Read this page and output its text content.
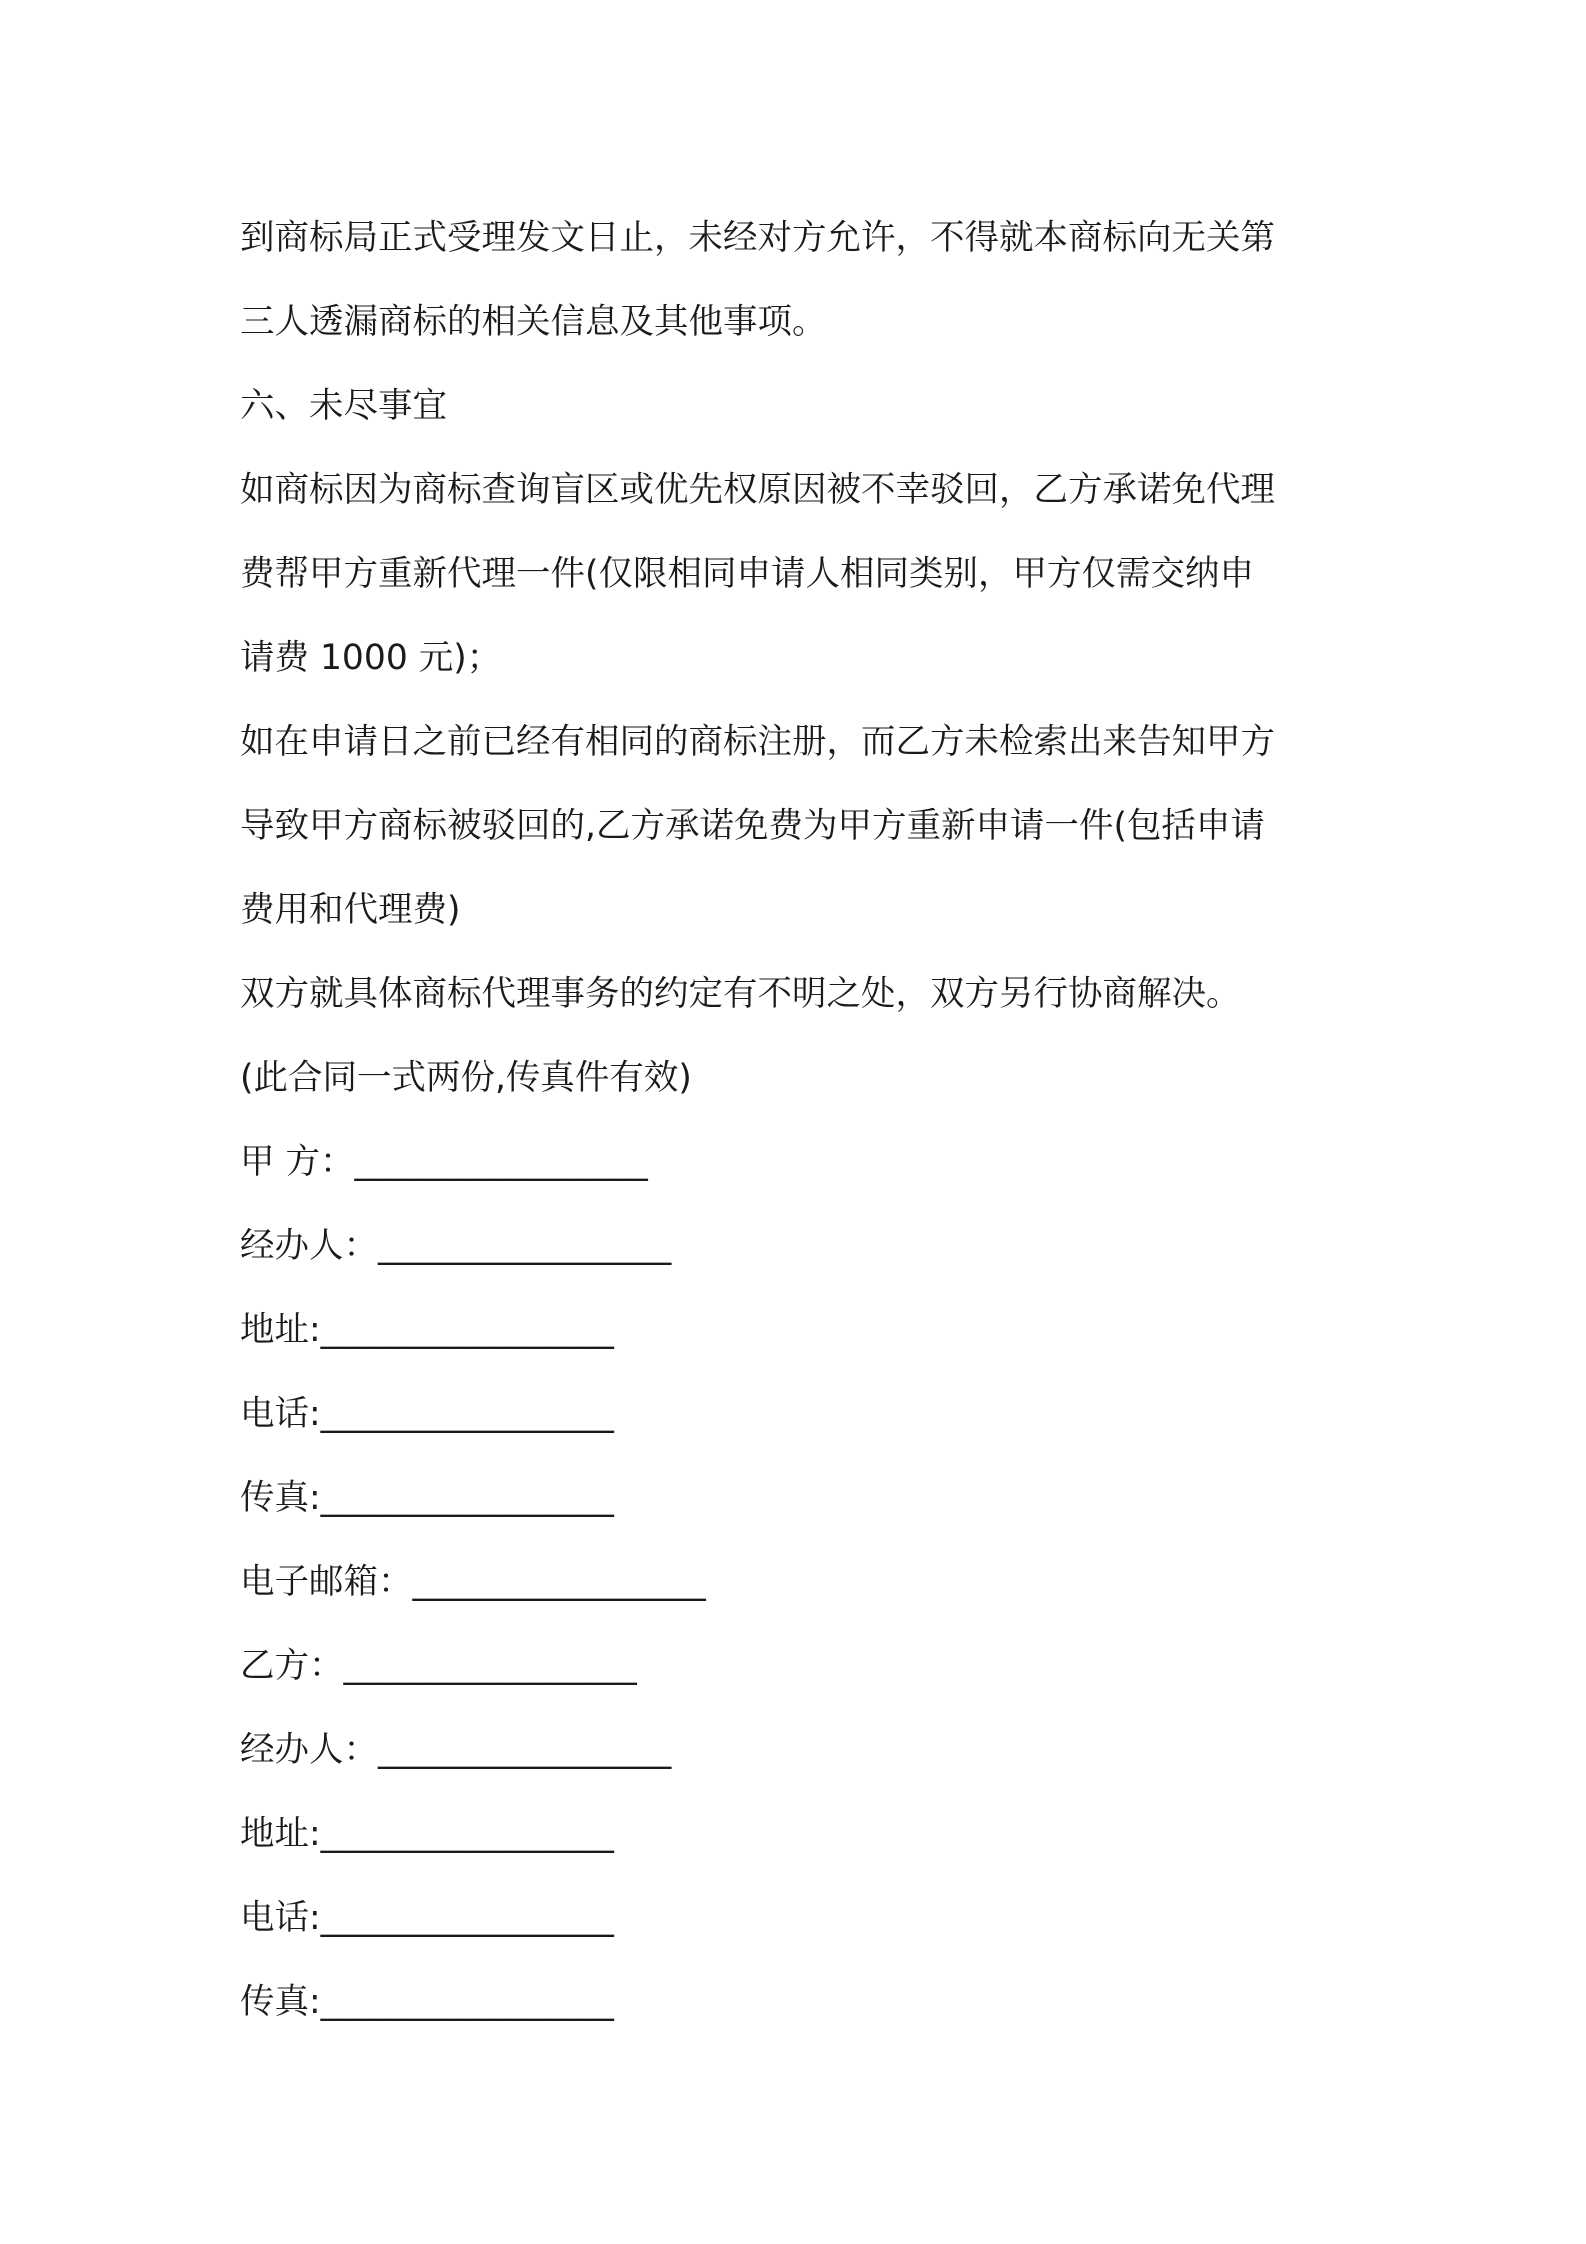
到商标局正式受理发文日止，未经对方允许，不得就本商标向无关第
三人透漏商标的相关信息及其他事项。
六、未尽事宜
如商标因为商标查询盲区或优先权原因被不幸驳回，乙方承诺免代理
费帮甲方重新代理一件(仅限相同申请人相同类别，甲方仅需交纳申
请费 1000 元)；
如在申请日之前已经有相同的商标注册，而乙方未检索出来告知甲方
导致甲方商标被驳回的,乙方承诺免费为甲方重新申请一件(包括申请
费用和代理费)
双方就具体商标代理事务的约定有不明之处，双方另行协商解决。
(此合同一式两份,传真件有效)
甲 方：_________________
经办人：_________________
地址:_________________
电话:_________________
传真:_________________
电子邮箱：_________________
乙方：_________________
经办人：_________________
地址:_________________
电话:_________________
传真:_________________
